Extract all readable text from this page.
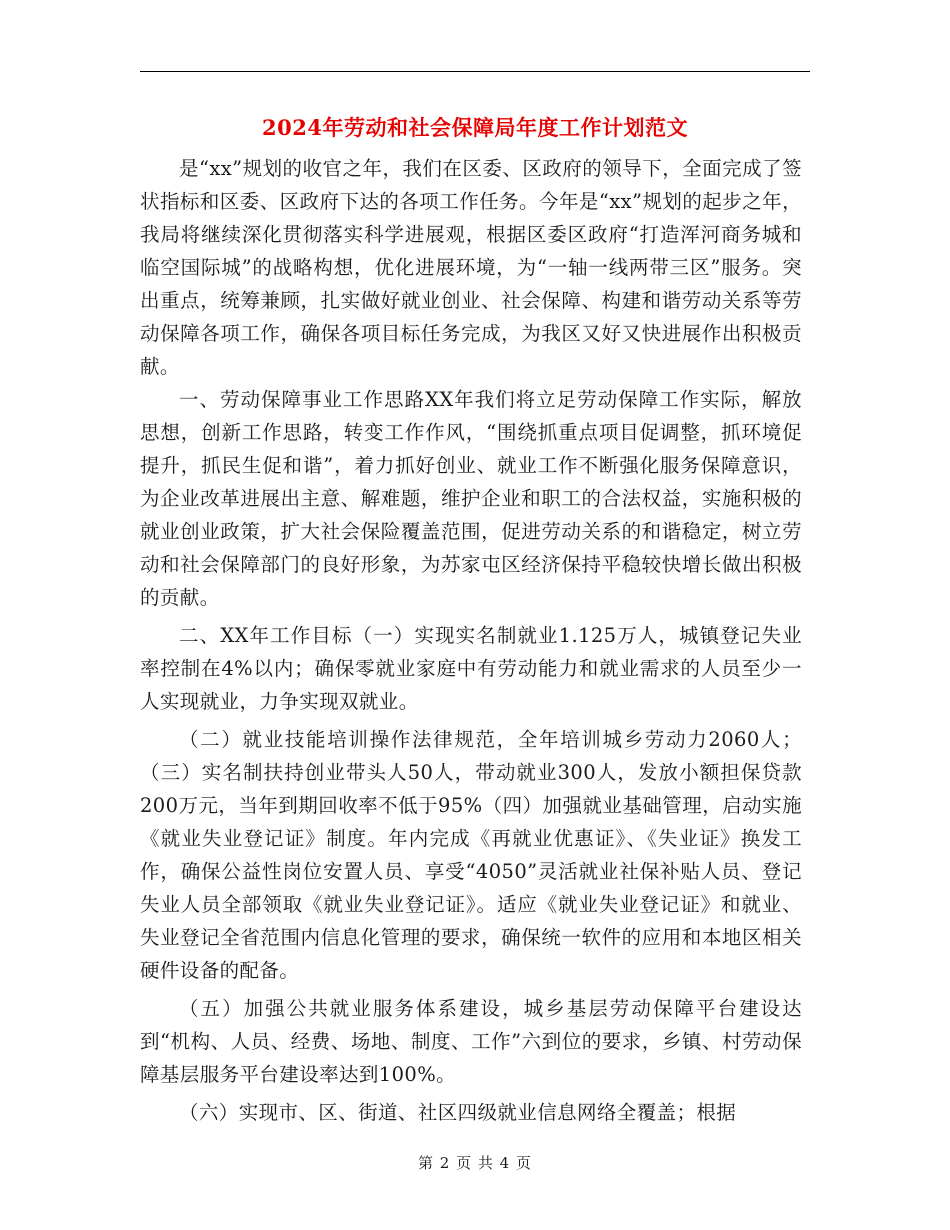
2024年劳动和社会保障局年度工作计划范文

是“xx”规划的收官之年，我们在区委、区政府的领导下，全面完成了签状指标和区委、区政府下达的各项工作任务。今年是“xx”规划的起步之年，我局将继续深化贯彻落实科学进展观，根据区委区政府“打造浑河商务城和临空国际城”的战略构想，优化进展环境，为“一轴一线两带三区”服务。突出重点，统筹兼顾，扎实做好就业创业、社会保障、构建和谐劳动关系等劳动保障各项工作，确保各项目标任务完成，为我区又好又快进展作出积极贡献。

一、劳动保障事业工作思路XX年我们将立足劳动保障工作实际，解放思想，创新工作思路，转变工作作风，“围绕抓重点项目促调整，抓环境促提升，抓民生促和谐”，着力抓好创业、就业工作不断强化服务保障意识，为企业改革进展出主意、解难题，维护企业和职工的合法权益，实施积极的就业创业政策，扩大社会保险覆盖范围，促进劳动关系的和谐稳定，树立劳动和社会保障部门的良好形象，为苏家屯区经济保持平稳较快增长做出积极的贡献。

二、XX年工作目标（一）实现实名制就业1.125万人，城镇登记失业率控制在4%以内；确保零就业家庭中有劳动能力和就业需求的人员至少一人实现就业，力争实现双就业。

（二）就业技能培训操作法律规范，全年培训城乡劳动力2060人；（三）实名制扶持创业带头人50人，带动就业300人，发放小额担保贷款200万元，当年到期回收率不低于95%（四）加强就业基础管理，启动实施《就业失业登记证》制度。年内完成《再就业优惠证》、《失业证》换发工作，确保公益性岗位安置人员、享受“4050”灵活就业社保补贴人员、登记失业人员全部领取《就业失业登记证》。适应《就业失业登记证》和就业、失业登记全省范围内信息化管理的要求，确保统一软件的应用和本地区相关硬件设备的配备。

（五）加强公共就业服务体系建设，城乡基层劳动保障平台建设达到“机构、人员、经费、场地、制度、工作”六到位的要求，乡镇、村劳动保障基层服务平台建设率达到100%。

（六）实现市、区、街道、社区四级就业信息网络全覆盖；根据

第 2 页 共 4 页
